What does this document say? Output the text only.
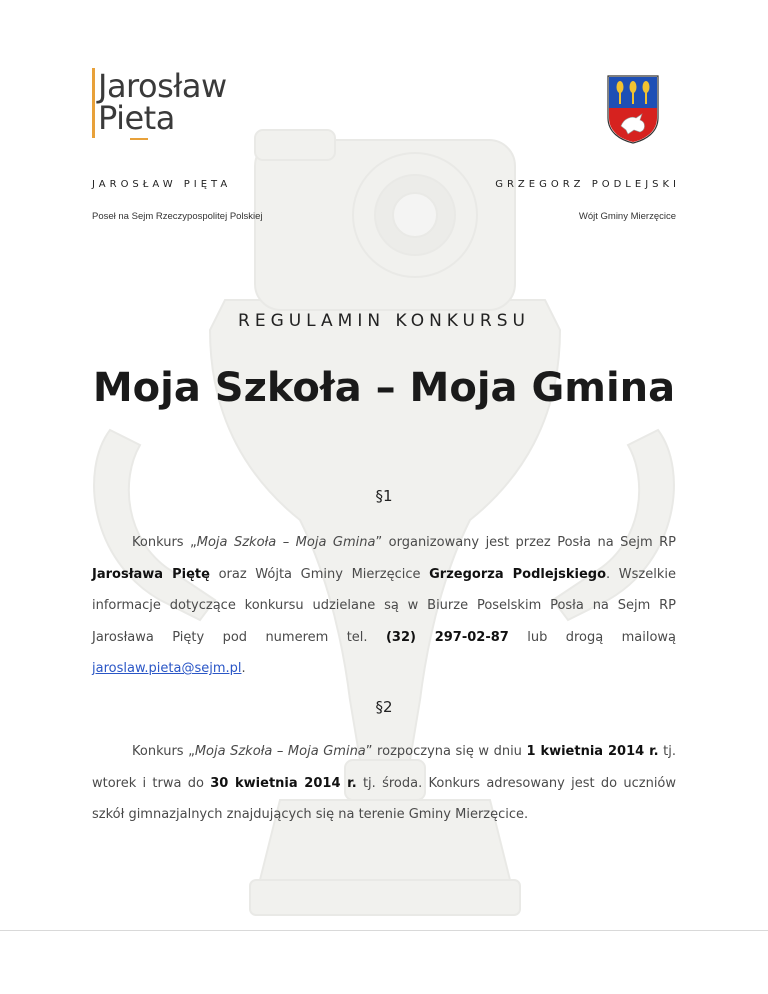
Jarosław
Pieta
JAROSŁAW PIĘTA	GRZEGORZ PODLEJSKI
Poseł na Sejm Rzeczypospolitej Polskiej	Wójt Gminy Mierzęcice
REGULAMIN KONKURSU
Moja Szkoła – Moja Gmina
§1
Konkurs „Moja Szkoła – Moja Gmina” organizowany jest przez Posła na Sejm RP Jarosława Piętę oraz Wójta Gminy Mierzęcice Grzegorza Podlejskiego. Wszelkie informacje dotyczące konkursu udzielane są w Biurze Poselskim Posła na Sejm RP Jarosława Pięty pod numerem tel. (32) 297-02-87 lub drogą mailową jaroslaw.pieta@sejm.pl.
§2
Konkurs „Moja Szkoła – Moja Gmina” rozpoczyna się w dniu 1 kwietnia 2014 r. tj. wtorek i trwa do 30 kwietnia 2014 r. tj. środa. Konkurs adresowany jest do uczniów szkół gimnazjalnych znajdujących się na terenie Gminy Mierzęcice.
